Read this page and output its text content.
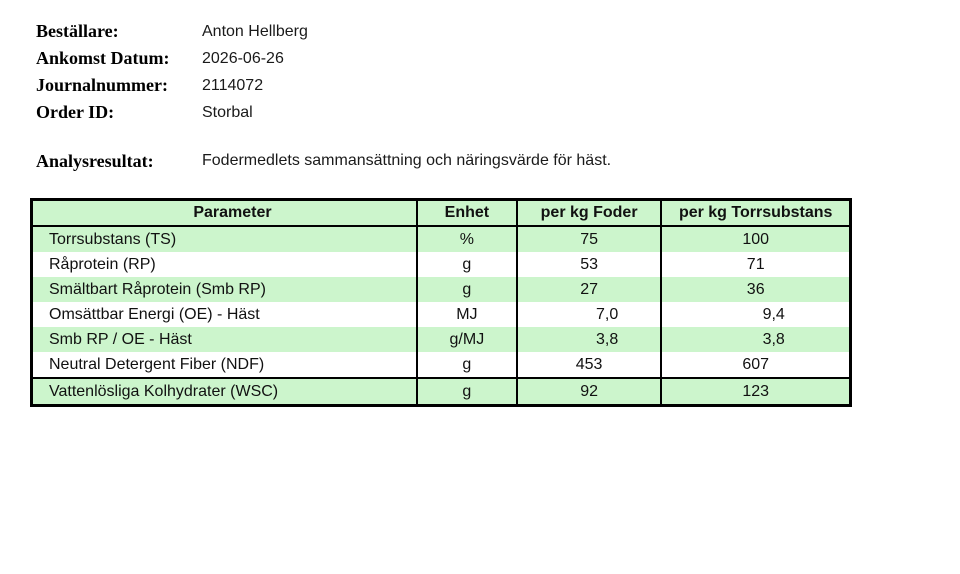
Beställare:	Anton Hellberg
Ankomst Datum:	2026-06-26
Journalnummer:	2114072
Order ID:	Storbal
Analysresultat:	Fodermedlets sammansättning och näringsvärde för häst.
Parameter	Enhet	per kg Foder	per kg Torrsubstans
Torrsubstans (TS)	%	75	100
Råprotein (RP)	g	53	71
Smältbart Råprotein (Smb RP)	g	27	36
Omsättbar Energi (OE) - Häst	MJ	7,0	9,4
Smb RP / OE - Häst	g/MJ	3,8	3,8
Neutral Detergent Fiber (NDF)	g	453	607
Vattenlösliga Kolhydrater (WSC)	g	92	123
